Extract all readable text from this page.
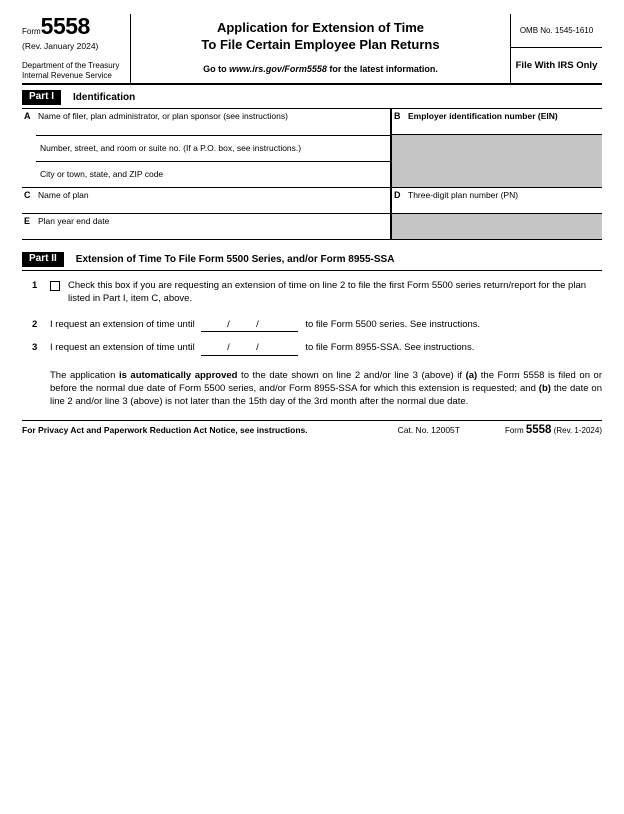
Form5558
(Rev. January 2024)
Department of the Treasury
Internal Revenue Service
Application for Extension of Time
To File Certain Employee Plan Returns
Go to www.irs.gov/Form5558 for the latest information.
OMB No. 1545-1610
File With IRS Only
Part I	Identification
A Name of filer, plan administrator, or plan sponsor (see instructions)
Number, street, and room or suite no. (If a P.O. box, see instructions.)
City or town, state, and ZIP code
B Employer identification number (EIN)
C Name of plan	D Three-digit plan number (PN)
E Plan year end date
Part II	Extension of Time To File Form 5500 Series, and/or Form 8955-SSA
1	Check this box if you are requesting an extension of time on line 2 to file the first Form 5500 series return/report for the plan listed in Part I, item C, above.
2	I request an extension of time until /          / to file Form 5500 series. See instructions.
3	I request an extension of time until /          / to file Form 8955-SSA. See instructions.
The application is automatically approved to the date shown on line 2 and/or line 3 (above) if (a) the Form 5558 is filed on or before the normal due date of Form 5500 series, and/or Form 8955-SSA for which this extension is requested; and (b) the date on line 2 and/or line 3 (above) is not later than the 15th day of the 3rd month after the normal due date.
For Privacy Act and Paperwork Reduction Act Notice, see instructions.	Cat. No. 12005T	Form 5558 (Rev. 1-2024)
